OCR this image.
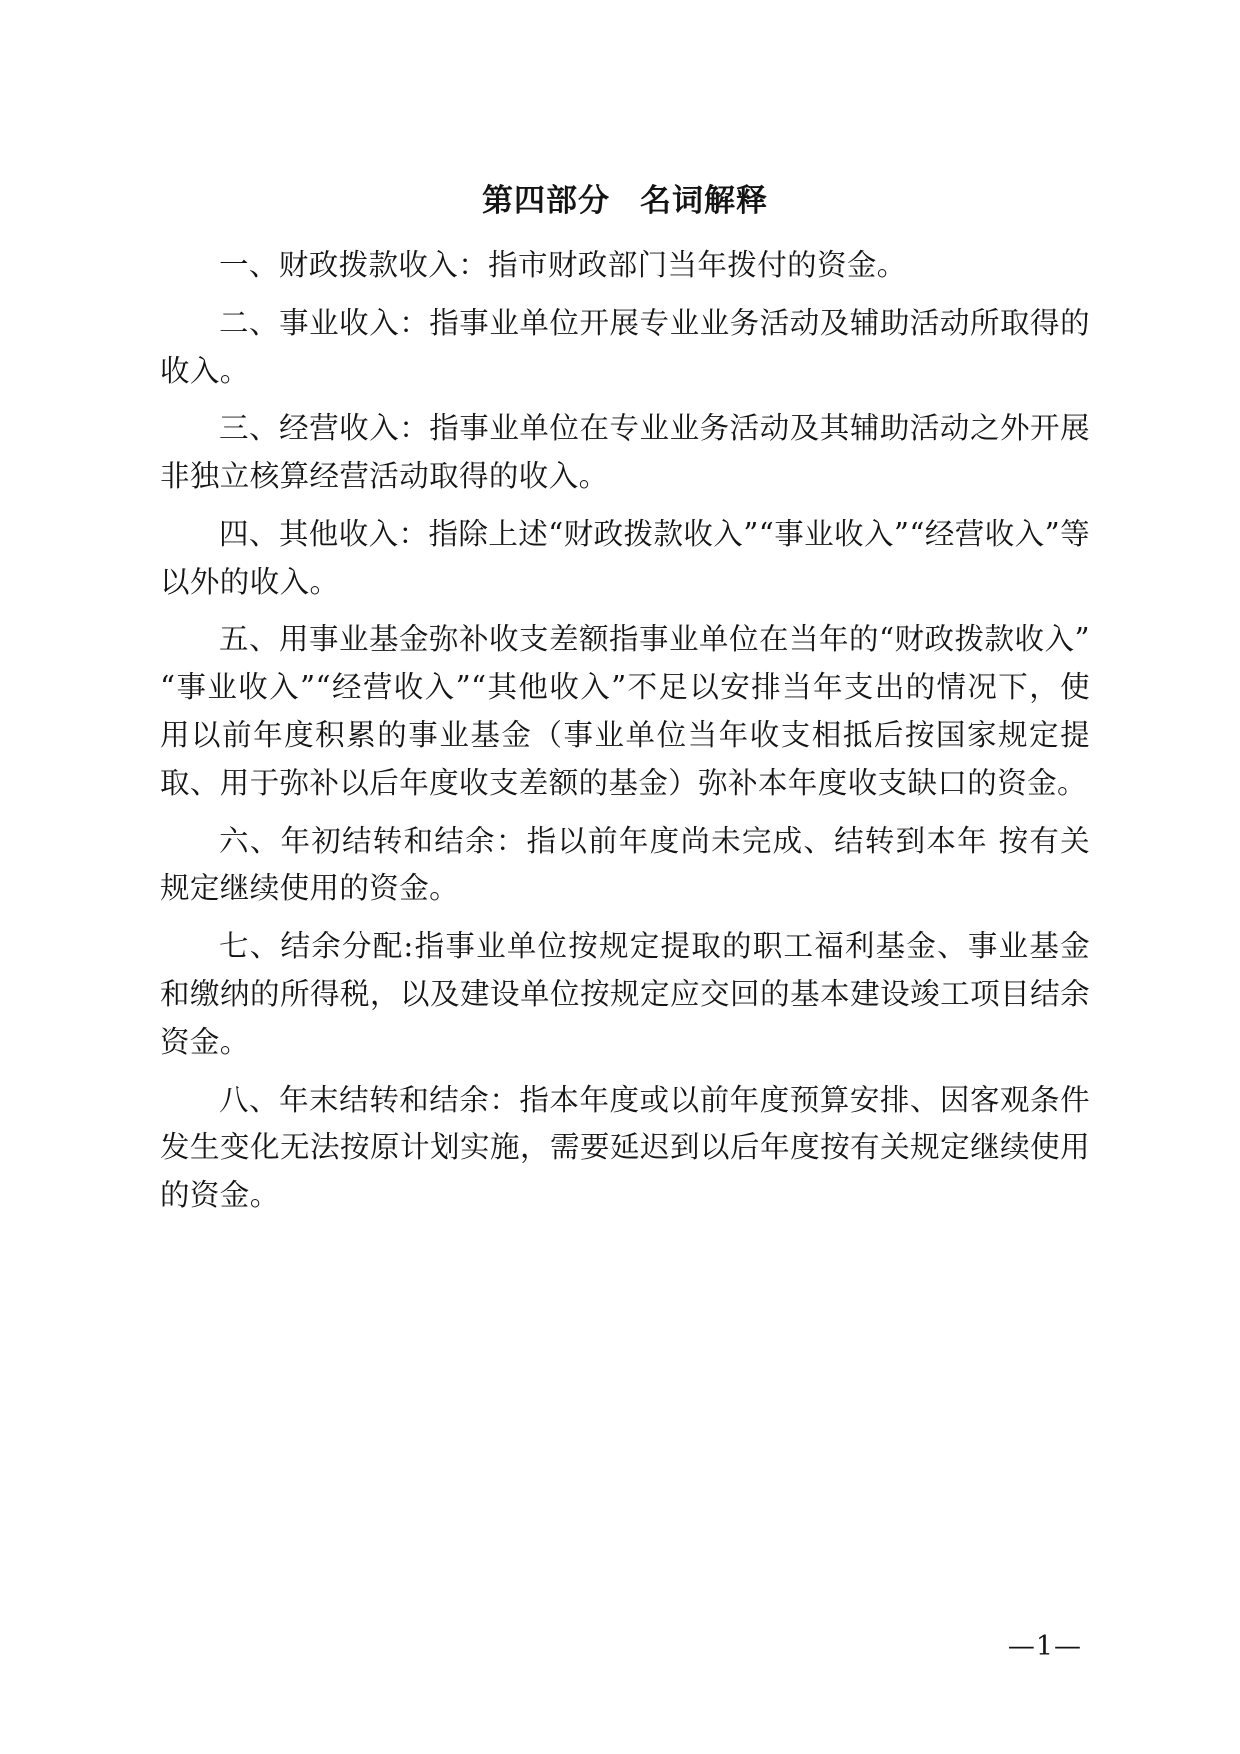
第四部分 名词解释

一、财政拨款收入：指市财政部门当年拨付的资金。

二、事业收入：指事业单位开展专业业务活动及辅助活动所取得的收入。

三、经营收入：指事业单位在专业业务活动及其辅助活动之外开展非独立核算经营活动取得的收入。

四、其他收入：指除上述“财政拨款收入”“事业收入”“经营收入”等以外的收入。

五、用事业基金弥补收支差额指事业单位在当年的“财政拨款收入”“事业收入”“经营收入”“其他收入”不足以安排当年支出的情况下，使用以前年度积累的事业基金（事业单位当年收支相抵后按国家规定提取、用于弥补以后年度收支差额的基金）弥补本年度收支缺口的资金。

六、年初结转和结余：指以前年度尚未完成、结转到本年 按有关规定继续使用的资金。

七、结余分配:指事业单位按规定提取的职工福利基金、事业基金和缴纳的所得税，以及建设单位按规定应交回的基本建设竣工项目结余资金。

八、年末结转和结余：指本年度或以前年度预算安排、因客观条件发生变化无法按原计划实施，需要延迟到以后年度按有关规定继续使用的资金。

—1—
